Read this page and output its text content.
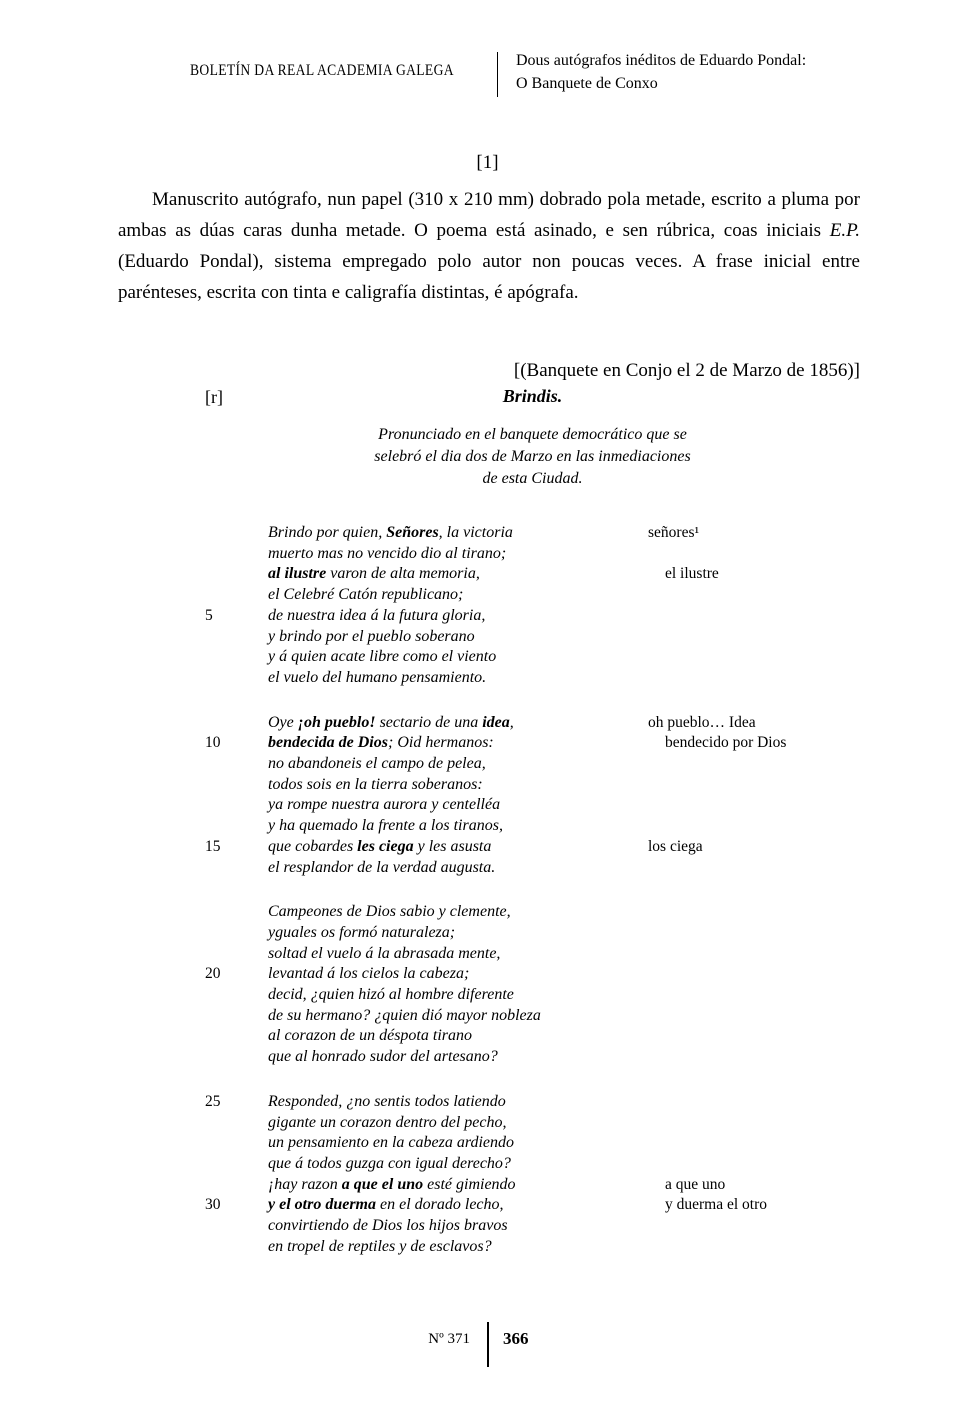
BOLETÍN DA REAL ACADEMIA GALEGA
Dous autógrafos inéditos de Eduardo Pondal:
O Banquete de Conxo
[1]

Manuscrito autógrafo, nun papel (310 x 210 mm) dobrado pola metade, escrito a pluma por ambas as dúas caras dunha metade. O poema está asinado, e sen rúbrica, coas iniciais E.P. (Eduardo Pondal), sistema empregado polo autor non poucas veces. A frase inicial entre parénteses, escrita con tinta e caligrafía distintas, é apógrafa.

[(Banquete en Conjo el 2 de Marzo de 1856)]
[r]	Brindis.
Pronunciado en el banquete democrático que se
selebró el dia dos de Marzo en las inmediaciones
de esta Ciudad.
Brindo por quien, Señores, la victoria	señores¹
muerto mas no vencido dio al tirano;
al ilustre varon de alta memoria,	el ilustre
el Celebré Catón republicano;
5	de nuestra idea á la futura gloria,
y brindo por el pueblo soberano
y á quien acate libre como el viento
el vuelo del humano pensamiento.
Oye ¡oh pueblo! sectario de una idea,	oh pueblo… Idea
10	bendecida de Dios; Oid hermanos:	bendecido por Dios
no abandoneis el campo de pelea,
todos sois en la tierra soberanos:
ya rompe nuestra aurora y centelléa
y ha quemado la frente a los tiranos,
15	que cobardes les ciega y les asusta	los ciega
el resplandor de la verdad augusta.
Campeones de Dios sabio y clemente,
yguales os formó naturaleza;
soltad el vuelo á la abrasada mente,
20	levantad á los cielos la cabeza;
decid, ¿quien hizó al hombre diferente
de su hermano? ¿quien dió mayor nobleza
al corazon de un déspota tirano
que al honrado sudor del artesano?
25	Responded, ¿no sentis todos latiendo
gigante un corazon dentro del pecho,
un pensamiento en la cabeza ardiendo
que á todos guzga con igual derecho?
¡hay razon a que el uno esté gimiendo	a que uno
30	y el otro duerma en el dorado lecho,	y duerma el otro
convirtiendo de Dios los hijos bravos
en tropel de reptiles y de esclavos?
Nº 371 366
